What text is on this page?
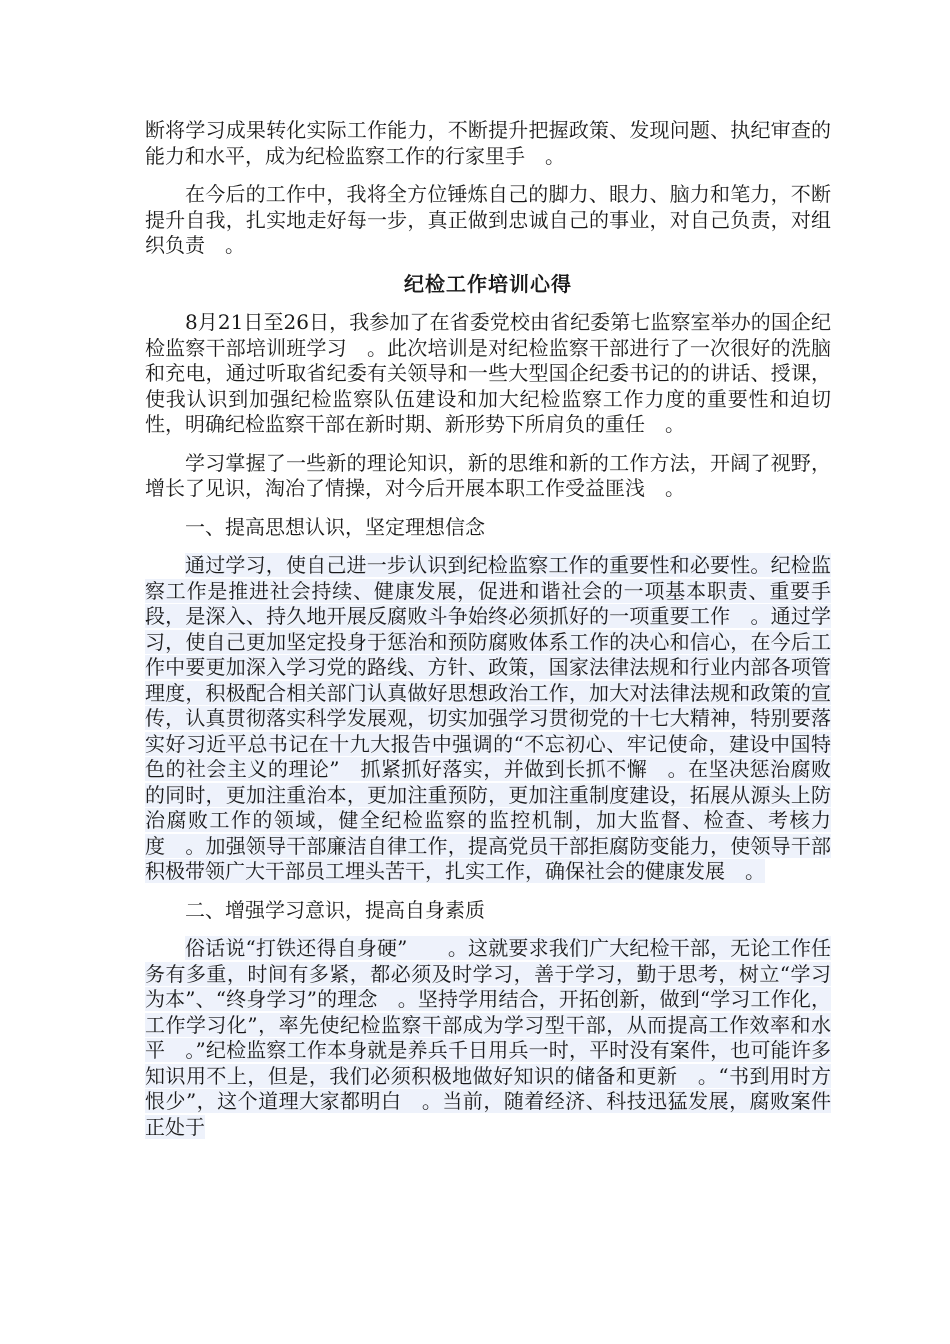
断将学习成果转化实际工作能力，不断提升把握政策、发现问题、执纪审查的能力和水平，成为纪检监察工作的行家里手　。

在今后的工作中，我将全方位锤炼自己的脚力、眼力、脑力和笔力，不断提升自我，扎实地走好每一步，真正做到忠诚自己的事业，对自己负责，对组织负责　。

纪检工作培训心得

8月21日至26日，我参加了在省委党校由省纪委第七监察室举办的国企纪检监察干部培训班学习　。此次培训是对纪检监察干部进行了一次很好的洗脑和充电，通过听取省纪委有关领导和一些大型国企纪委书记的的讲话、授课，使我认识到加强纪检监察队伍建设和加大纪检监察工作力度的重要性和迫切性，明确纪检监察干部在新时期、新形势下所肩负的重任　。

学习掌握了一些新的理论知识，新的思维和新的工作方法，开阔了视野，增长了见识，淘冶了情操，对今后开展本职工作受益匪浅　。

一、提高思想认识，坚定理想信念

通过学习，使自己进一步认识到纪检监察工作的重要性和必要性。纪检监察工作是推进社会持续、健康发展，促进和谐社会的一项基本职责、重要手段，是深入、持久地开展反腐败斗争始终必须抓好的一项重要工作　。通过学习，使自己更加坚定投身于惩治和预防腐败体系工作的决心和信心，在今后工作中要更加深入学习党的路线、方针、政策，国家法律法规和行业内部各项管理度，积极配合相关部门认真做好思想政治工作，加大对法律法规和政策的宣传，认真贯彻落实科学发展观，切实加强学习贯彻党的十七大精神，特别要落实好习近平总书记在十九大报告中强调的“不忘初心、牢记使命，建设中国特色的社会主义的理论”　抓紧抓好落实，并做到长抓不懈　。在坚决惩治腐败的同时，更加注重治本，更加注重预防，更加注重制度建设，拓展从源头上防治腐败工作的领域，健全纪检监察的监控机制，加大监督、检查、考核力度　。加强领导干部廉洁自律工作，提高党员干部拒腐防变能力，使领导干部积极带领广大干部员工埋头苦干，扎实工作，确保社会的健康发展　。

二、增强学习意识，提高自身素质

俗话说“打铁还得自身硬”　　。这就要求我们广大纪检干部，无论工作任务有多重，时间有多紧，都必须及时学习，善于学习，勤于思考，树立“学习为本”、“终身学习”的理念　。坚持学用结合，开拓创新，做到“学习工作化，工作学习化”，率先使纪检监察干部成为学习型干部，从而提高工作效率和水平　。”纪检监察工作本身就是养兵千日用兵一时，平时没有案件，也可能许多知识用不上，但是，我们必须积极地做好知识的储备和更新　。“书到用时方恨少”，这个道理大家都明白　。当前，随着经济、科技迅猛发展，腐败案件正处于
